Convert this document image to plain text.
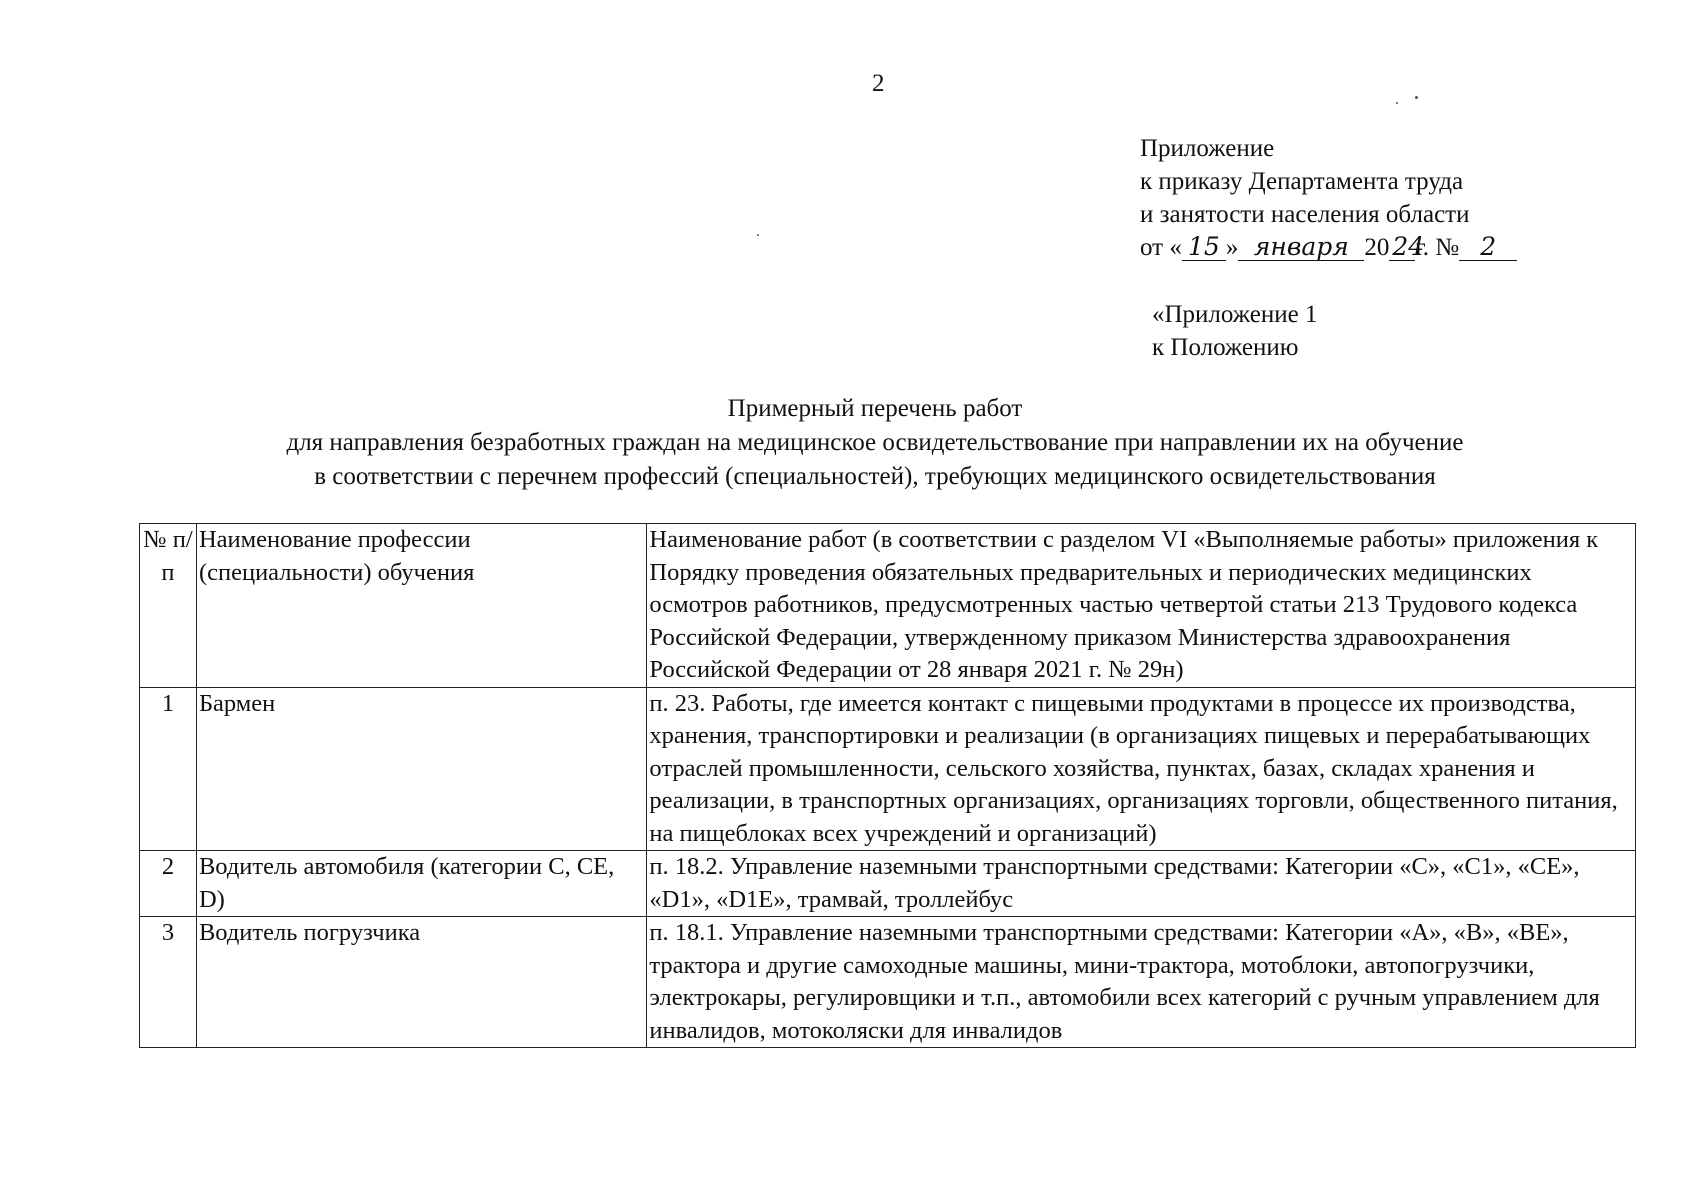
2
Приложение
к приказу Департамента труда
и занятости населения области
от « 15 » января 20 24г. № 2
«Приложение 1
к Положению
Примерный перечень работ
для направления безработных граждан на медицинское освидетельствование при направлении их на обучение
в соответствии с перечнем профессий (специальностей), требующих медицинского освидетельствования
№ п/п	Наименование профессии (специальности) обучения	Наименование работ (в соответствии с разделом VI «Выполняемые работы» приложения к Порядку проведения обязательных предварительных и периодических медицинских осмотров работников, предусмотренных частью четвертой статьи 213 Трудового кодекса Российской Федерации, утвержденному приказом Министерства здравоохранения Российской Федерации от 28 января 2021 г. № 29н)
1	Бармен	п. 23. Работы, где имеется контакт с пищевыми продуктами в процессе их производства, хранения, транспортировки и реализации (в организациях пищевых и перерабатывающих отраслей промышленности, сельского хозяйства, пунктах, базах, складах хранения и реализации, в транспортных организациях, организациях торговли, общественного питания, на пищеблоках всех учреждений и организаций)
2	Водитель автомобиля (категории С, СЕ, D)	п. 18.2. Управление наземными транспортными средствами: Категории «С», «С1», «СЕ», «D1», «D1E», трамвай, троллейбус
3	Водитель погрузчика	п. 18.1. Управление наземными транспортными средствами: Категории «А», «В», «ВЕ», трактора и другие самоходные машины, мини-трактора, мотоблоки, автопогрузчики, электрокары, регулировщики и т.п., автомобили всех категорий с ручным управлением для инвалидов, мотоколяски для инвалидов
